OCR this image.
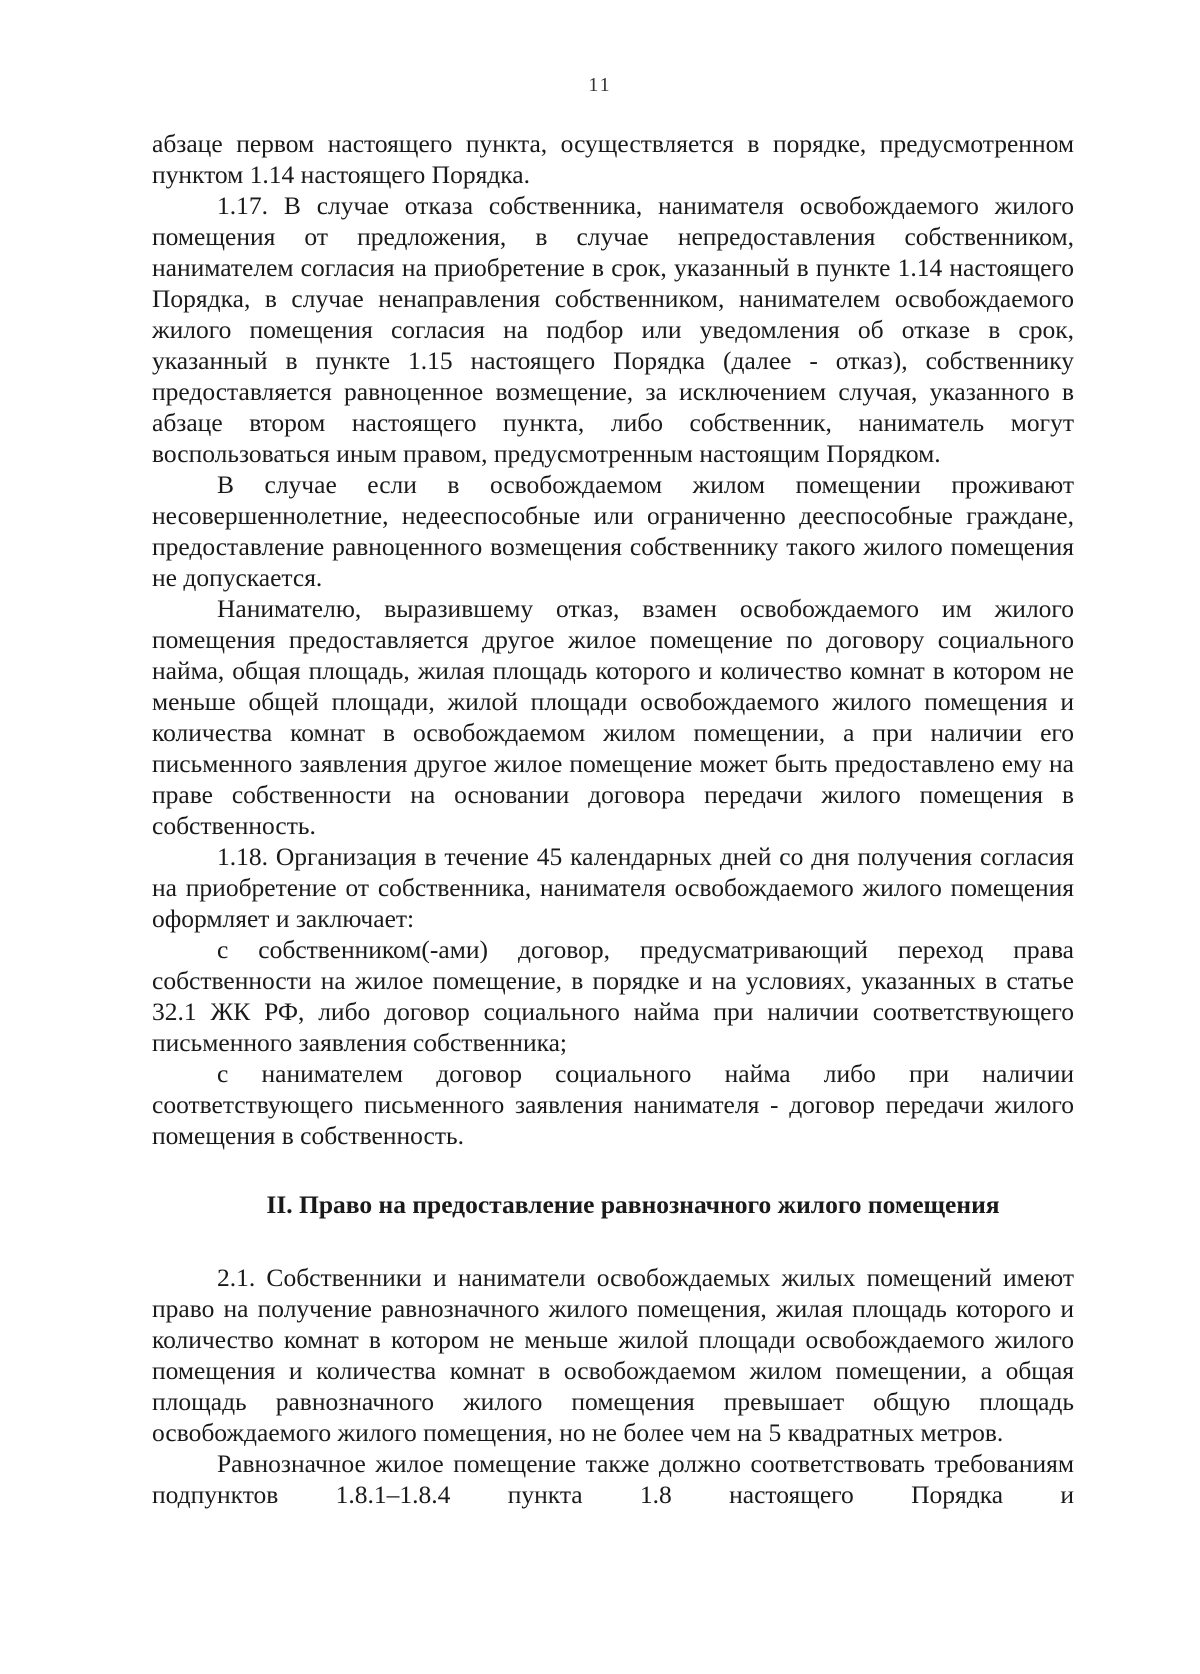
11

абзаце первом настоящего пункта, осуществляется в порядке, предусмотренном пунктом 1.14 настоящего Порядка.

1.17. В случае отказа собственника, нанимателя освобождаемого жилого помещения от предложения, в случае непредоставления собственником, нанимателем согласия на приобретение в срок, указанный в пункте 1.14 настоящего Порядка, в случае ненаправления собственником, нанимателем освобождаемого жилого помещения согласия на подбор или уведомления об отказе в срок, указанный в пункте 1.15 настоящего Порядка (далее - отказ), собственнику предоставляется равноценное возмещение, за исключением случая, указанного в абзаце втором настоящего пункта, либо собственник, наниматель могут воспользоваться иным правом, предусмотренным настоящим Порядком.

В случае если в освобождаемом жилом помещении проживают несовершеннолетние, недееспособные или ограниченно дееспособные граждане, предоставление равноценного возмещения собственнику такого жилого помещения не допускается.

Нанимателю, выразившему отказ, взамен освобождаемого им жилого помещения предоставляется другое жилое помещение по договору социального найма, общая площадь, жилая площадь которого и количество комнат в котором не меньше общей площади, жилой площади освобождаемого жилого помещения и количества комнат в освобождаемом жилом помещении, а при наличии его письменного заявления другое жилое помещение может быть предоставлено ему на праве собственности на основании договора передачи жилого помещения в собственность.

1.18. Организация в течение 45 календарных дней со дня получения согласия на приобретение от собственника, нанимателя освобождаемого жилого помещения оформляет и заключает:

с собственником(-ами) договор, предусматривающий переход права собственности на жилое помещение, в порядке и на условиях, указанных в статье 32.1 ЖК РФ, либо договор социального найма при наличии соответствующего письменного заявления собственника;

с нанимателем договор социального найма либо при наличии соответствующего письменного заявления нанимателя - договор передачи жилого помещения в собственность.

II. Право на предоставление равнозначного жилого помещения

2.1. Собственники и наниматели освобождаемых жилых помещений имеют право на получение равнозначного жилого помещения, жилая площадь которого и количество комнат в котором не меньше жилой площади освобождаемого жилого помещения и количества комнат в освобождаемом жилом помещении, а общая площадь равнозначного жилого помещения превышает общую площадь освобождаемого жилого помещения, но не более чем на 5 квадратных метров.

Равнозначное жилое помещение также должно соответствовать требованиям подпунктов 1.8.1–1.8.4 пункта 1.8 настоящего Порядка и
